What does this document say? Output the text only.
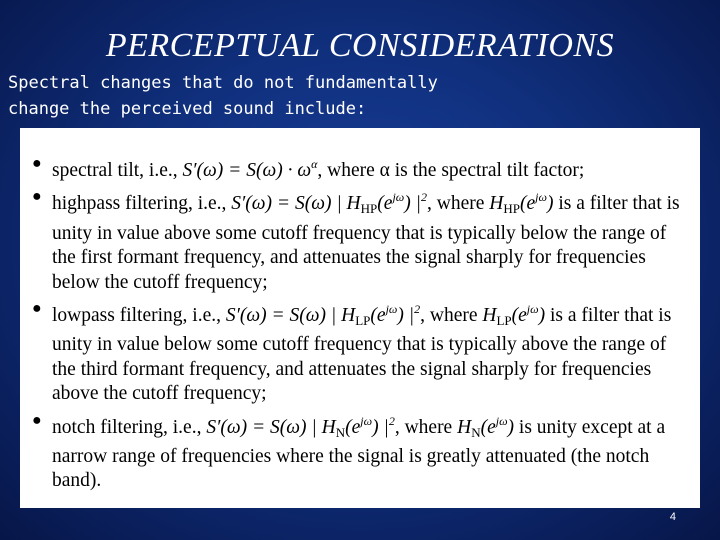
PERCEPTUAL CONSIDERATIONS
Spectral changes that do not fundamentally
change the perceived sound include:
● spectral tilt, i.e., $S'(\omega) = S(\omega) \cdot \omega^\alpha$, where α is the spectral tilt factor;
● highpass filtering, i.e., S′(ω) = S(ω) | $H_{HP}(e^{j\omega})$ $|^2$, where $H_{HP}(e^{j\omega})$ is a filter that is unity in value above some cutoff frequency that is typically below the range of the first formant frequency, and attenuates the signal sharply for frequencies below the cutoff frequency;
● lowpass filtering, i.e., S′(ω) = S(ω) | $H_{LP}(e^{j\omega})$ $|^2$, where $H_{LP}(e^{j\omega})$ is a filter that is unity in value below some cutoff frequency that is typically above the range of the third formant frequency, and attenuates the signal sharply for frequencies above the cutoff frequency;
● notch filtering, i.e., S′(ω) = S(ω) | $H_N(e^{j\omega})$ $|^2$, where $H_N(e^{j\omega})$ is unity except at a narrow range of frequencies where the signal is greatly attenuated (the notch band).
4
